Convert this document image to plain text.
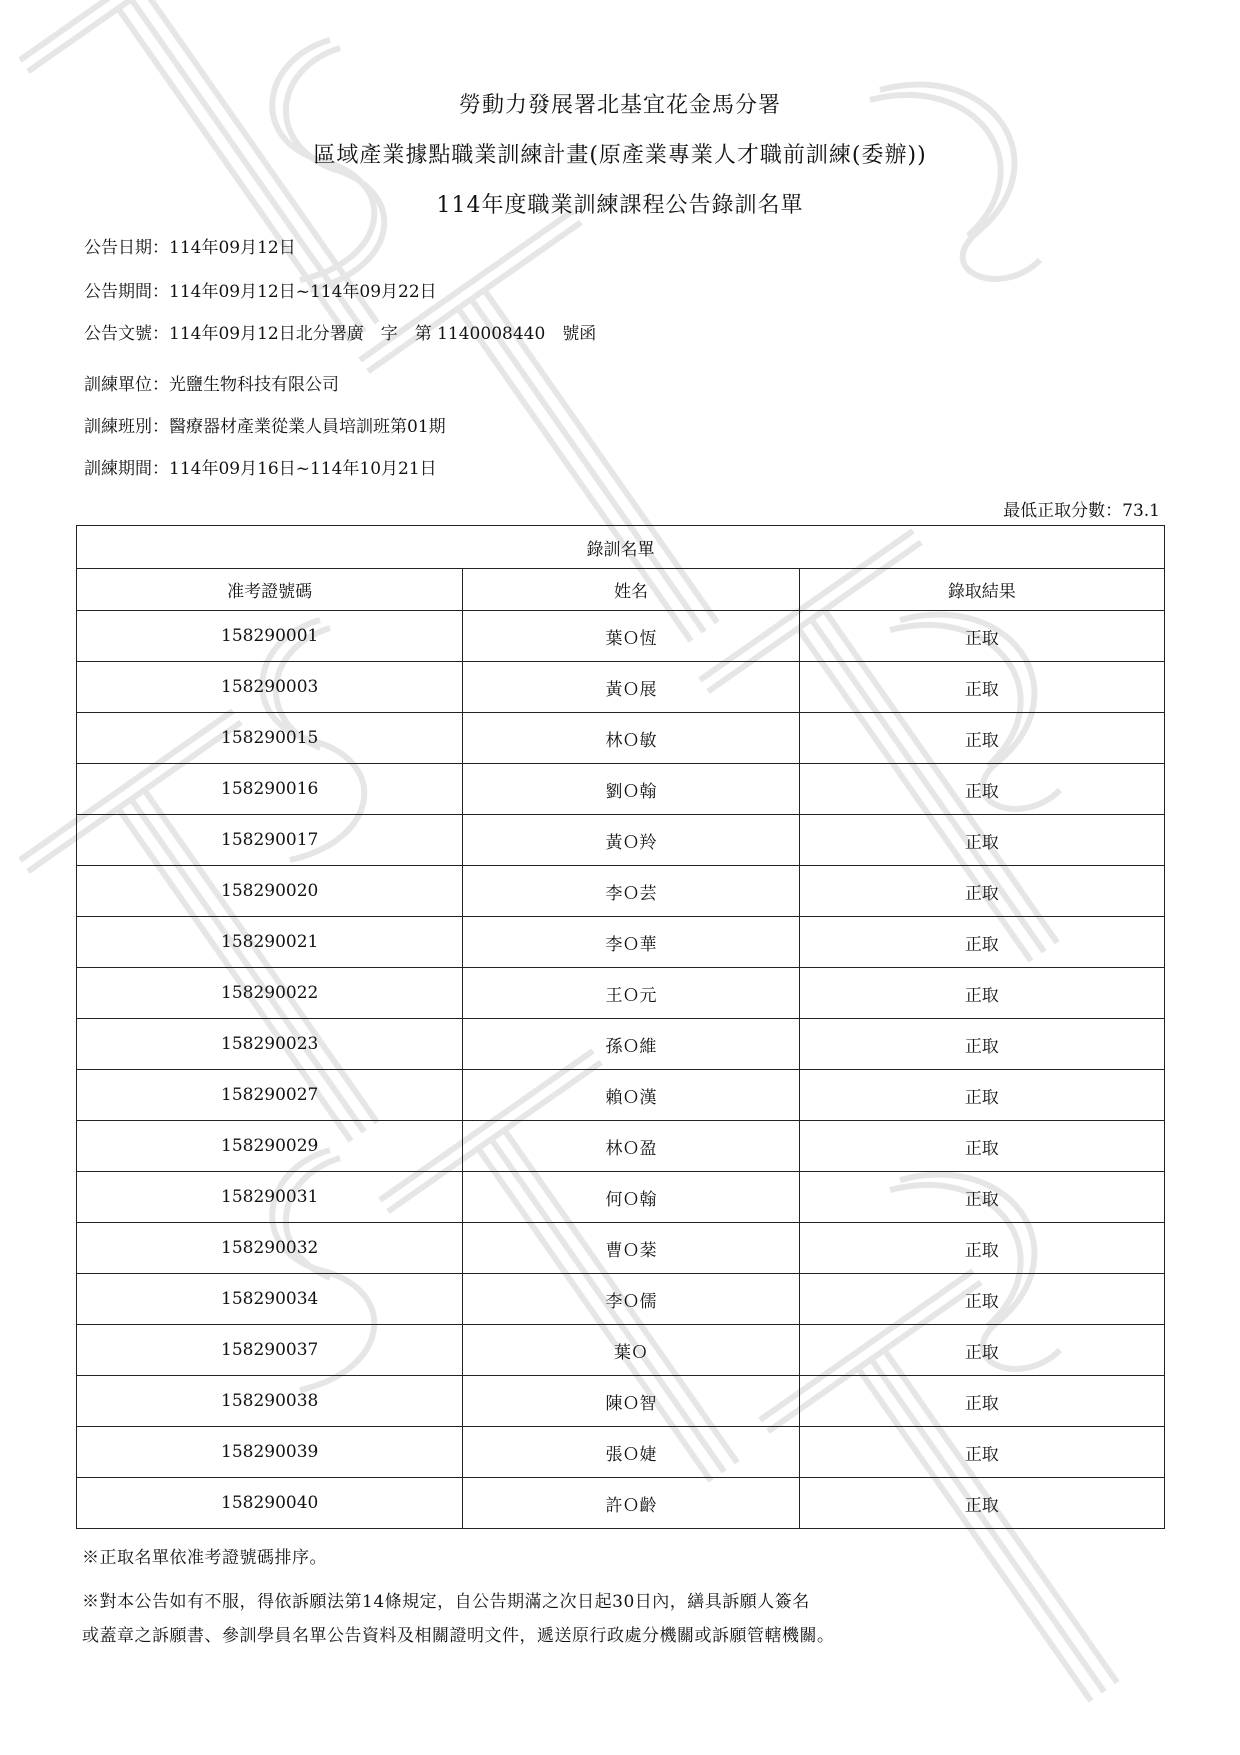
勞動力發展署北基宜花金馬分署
區域產業據點職業訓練計畫(原產業專業人才職前訓練(委辦))
114年度職業訓練課程公告錄訓名單
公告日期：114年09月12日
公告期間：114年09月12日~114年09月22日
公告文號：114年09月12日北分署廣　字　第 1140008440　號函
訓練單位：光鹽生物科技有限公司
訓練班別：醫療器材產業從業人員培訓班第01期
訓練期間：114年09月16日~114年10月21日
最低正取分數：73.1
錄訓名單		
准考證號碼	姓名	錄取結果
158290001	葉Ｏ恆	正取
158290003	黃Ｏ展	正取
158290015	林Ｏ敏	正取
158290016	劉Ｏ翰	正取
158290017	黃Ｏ羚	正取
158290020	李Ｏ芸	正取
158290021	李Ｏ華	正取
158290022	王Ｏ元	正取
158290023	孫Ｏ維	正取
158290027	賴Ｏ漢	正取
158290029	林Ｏ盈	正取
158290031	何Ｏ翰	正取
158290032	曹Ｏ棻	正取
158290034	李Ｏ儒	正取
158290037	葉Ｏ	正取
158290038	陳Ｏ智	正取
158290039	張Ｏ婕	正取
158290040	許Ｏ齡	正取
※正取名單依准考證號碼排序。
※對本公告如有不服，得依訴願法第14條規定，自公告期滿之次日起30日內，繕具訴願人簽名
或蓋章之訴願書、參訓學員名單公告資料及相關證明文件，遞送原行政處分機關或訴願管轄機關。
